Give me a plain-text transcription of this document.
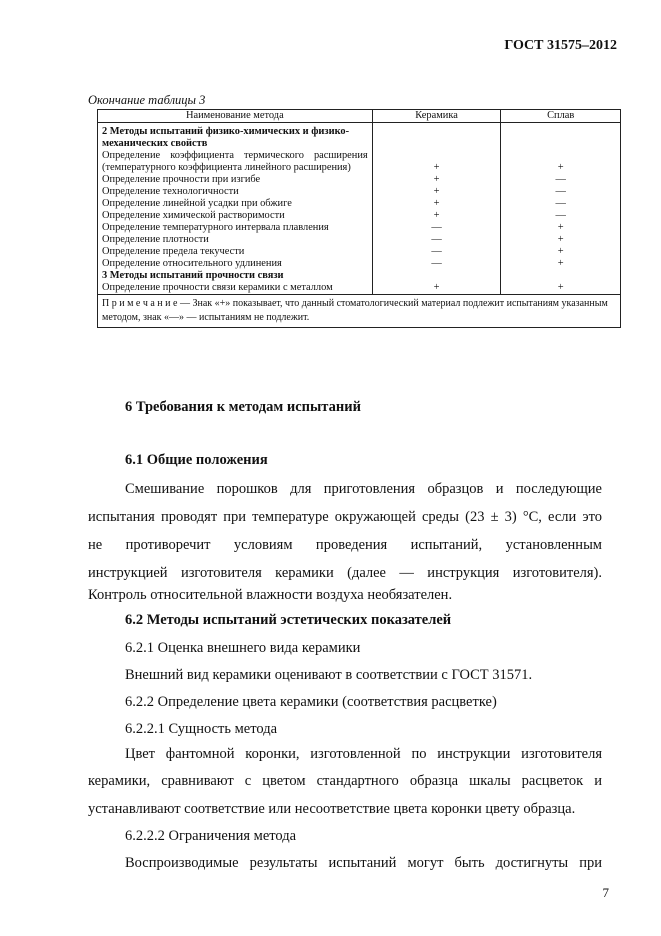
ГОСТ 31575–2012
Окончание таблицы 3
Наименование метода	Керамика	Сплав

2 Методы испытаний физико-химических и физико-механических свойств		

Определение коэффициента термического расширения (температурного коэффициента линейного расширения)	+	+

Определение прочности при изгибе	+	—

Определение технологичности	+	—

Определение линейной усадки при обжиге	+	—

Определение химической растворимости	+	—

Определение температурного интервала плавления	—	+

Определение плотности	—	+

Определение предела текучести	—	+

Определение относительного удлинения	—	+

3 Методы испытаний прочности связи		

Определение прочности связи керамики с металлом	+	+
П р и м е ч а н и е — Знак «+» показывает, что данный стоматологический материал подлежит испытаниям указанным методом, знак «—» — испытаниям не подлежит.		
6 Требования к методам испытаний
6.1 Общие положения
Смешивание порошков для приготовления образцов и последующие
испытания проводят при температуре окружающей среды (23 ± 3) °С, если это
не противоречит условиям проведения испытаний, установленным
инструкцией изготовителя керамики (далее — инструкция изготовителя).
Контроль относительной влажности воздуха необязателен.
6.2 Методы испытаний эстетических показателей
6.2.1 Оценка внешнего вида керамики
Внешний вид керамики оценивают в соответствии с ГОСТ 31571.
6.2.2 Определение цвета керамики (соответствия расцветке)
6.2.2.1 Сущность метода
Цвет фантомной коронки, изготовленной по инструкции изготовителя
керамики, сравнивают с цветом стандартного образца шкалы расцветок и
устанавливают соответствие или несоответствие цвета коронки цвету образца.
6.2.2.2 Ограничения метода
Воспроизводимые результаты испытаний могут быть достигнуты при
7
